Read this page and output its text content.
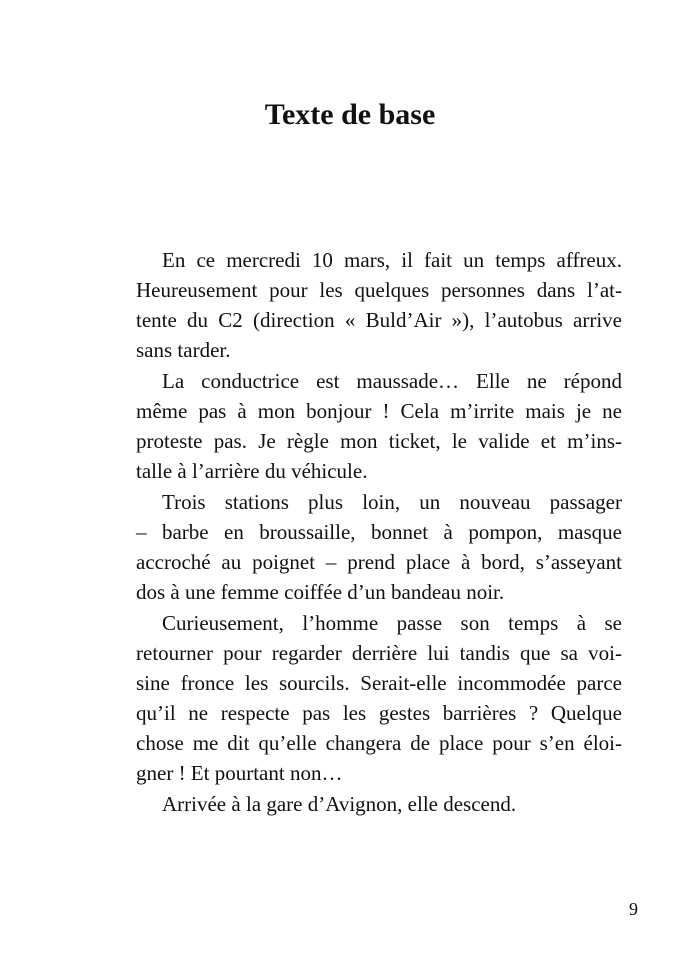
Texte de base
En ce mercredi 10 mars, il fait un temps affreux.
Heureusement pour les quelques personnes dans l’at-
tente du C2 (direction « Buld’Air »), l’autobus arrive
sans tarder.
La conductrice est maussade… Elle ne répond
même pas à mon bonjour ! Cela m’irrite mais je ne
proteste pas. Je règle mon ticket, le valide et m’ins-
talle à l’arrière du véhicule.
Trois stations plus loin, un nouveau passager
– barbe en broussaille, bonnet à pompon, masque
accroché au poignet – prend place à bord, s’asseyant
dos à une femme coiffée d’un bandeau noir.
Curieusement, l’homme passe son temps à se
retourner pour regarder derrière lui tandis que sa voi-
sine fronce les sourcils. Serait-elle incommodée parce
qu’il ne respecte pas les gestes barrières ? Quelque
chose me dit qu’elle changera de place pour s’en éloi-
gner ! Et pourtant non…
Arrivée à la gare d’Avignon, elle descend.
9
